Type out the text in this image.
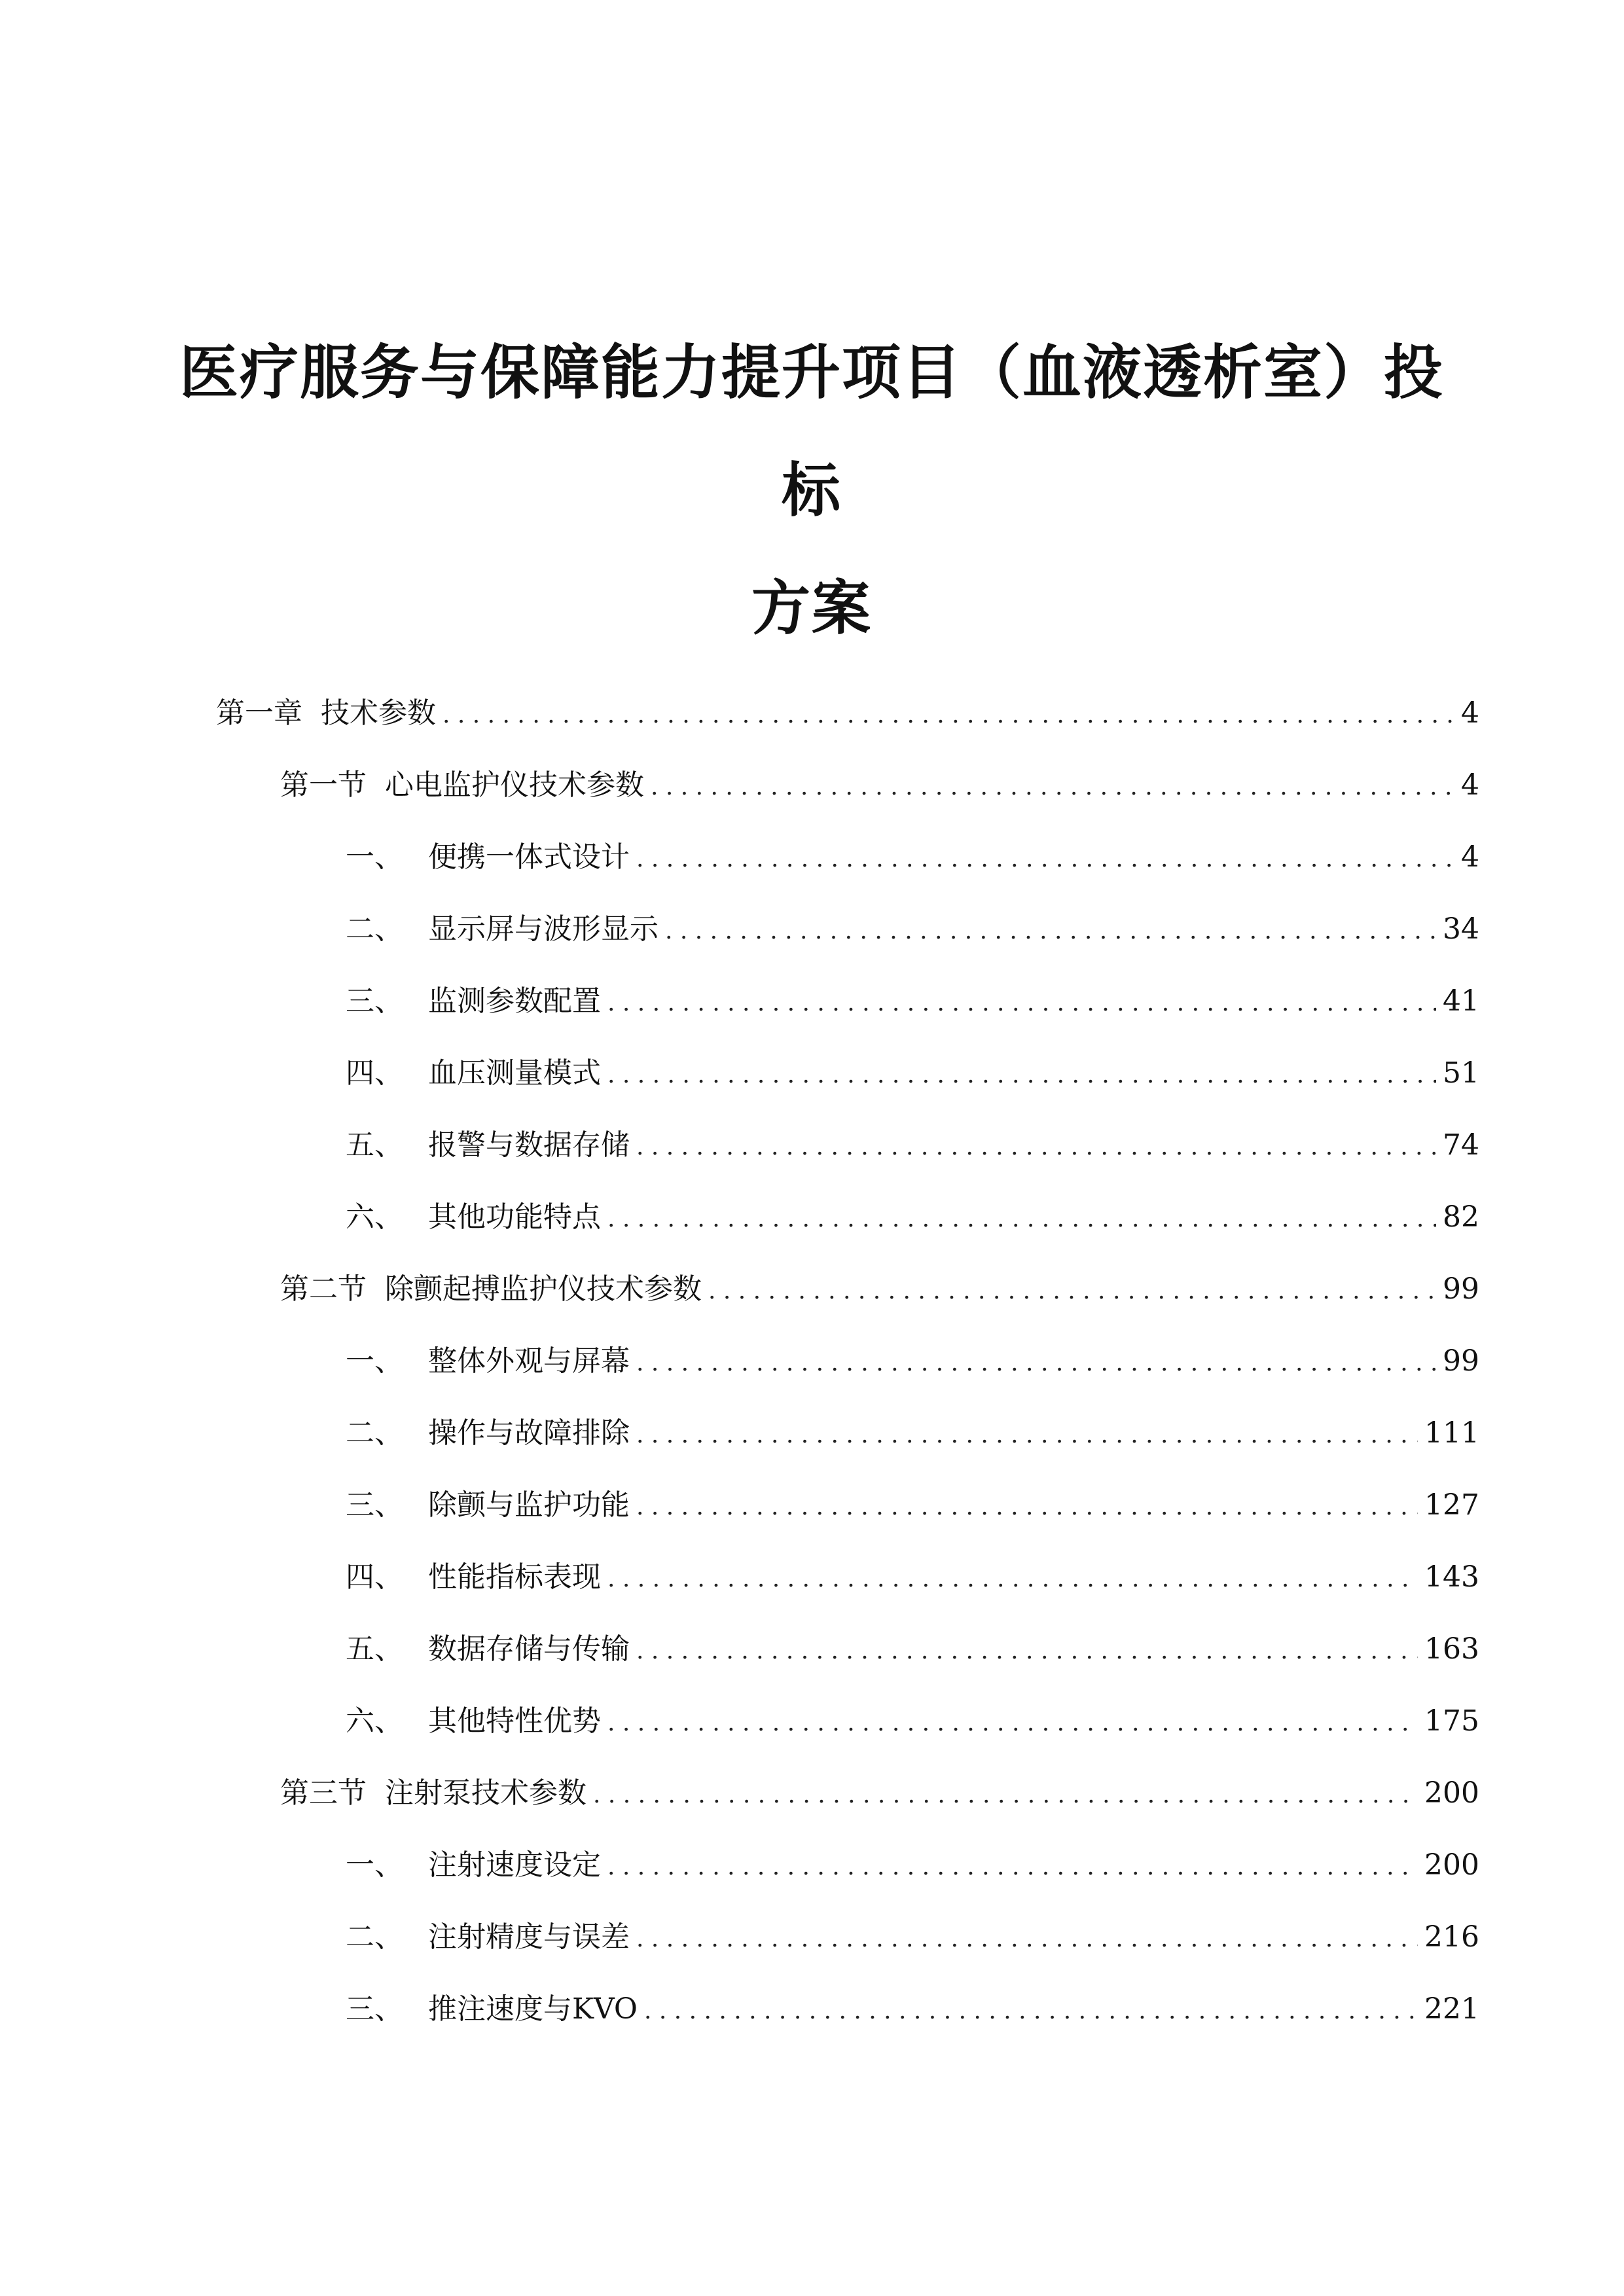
医疗服务与保障能力提升项目（血液透析室）投标
方案
第一章 技术参数 . . .	4
第一节 心电监护仪技术参数 . . .	4
一、 便携一体式设计 . . .	4
二、 显示屏与波形显示 . . .	34
三、 监测参数配置 . . .	41
四、 血压测量模式 . . .	51
五、 报警与数据存储 . . .	74
六、 其他功能特点 . . .	82
第二节 除颤起搏监护仪技术参数 . . .	99
一、 整体外观与屏幕 . . .	99
二、 操作与故障排除 . . .	111
三、 除颤与监护功能 . . .	127
四、 性能指标表现 . . .	143
五、 数据存储与传输 . . .	163
六、 其他特性优势 . . .	175
第三节 注射泵技术参数 . . .	200
一、 注射速度设定 . . .	200
二、 注射精度与误差 . . .	216
三、 推注速度与KVO . . .	221
